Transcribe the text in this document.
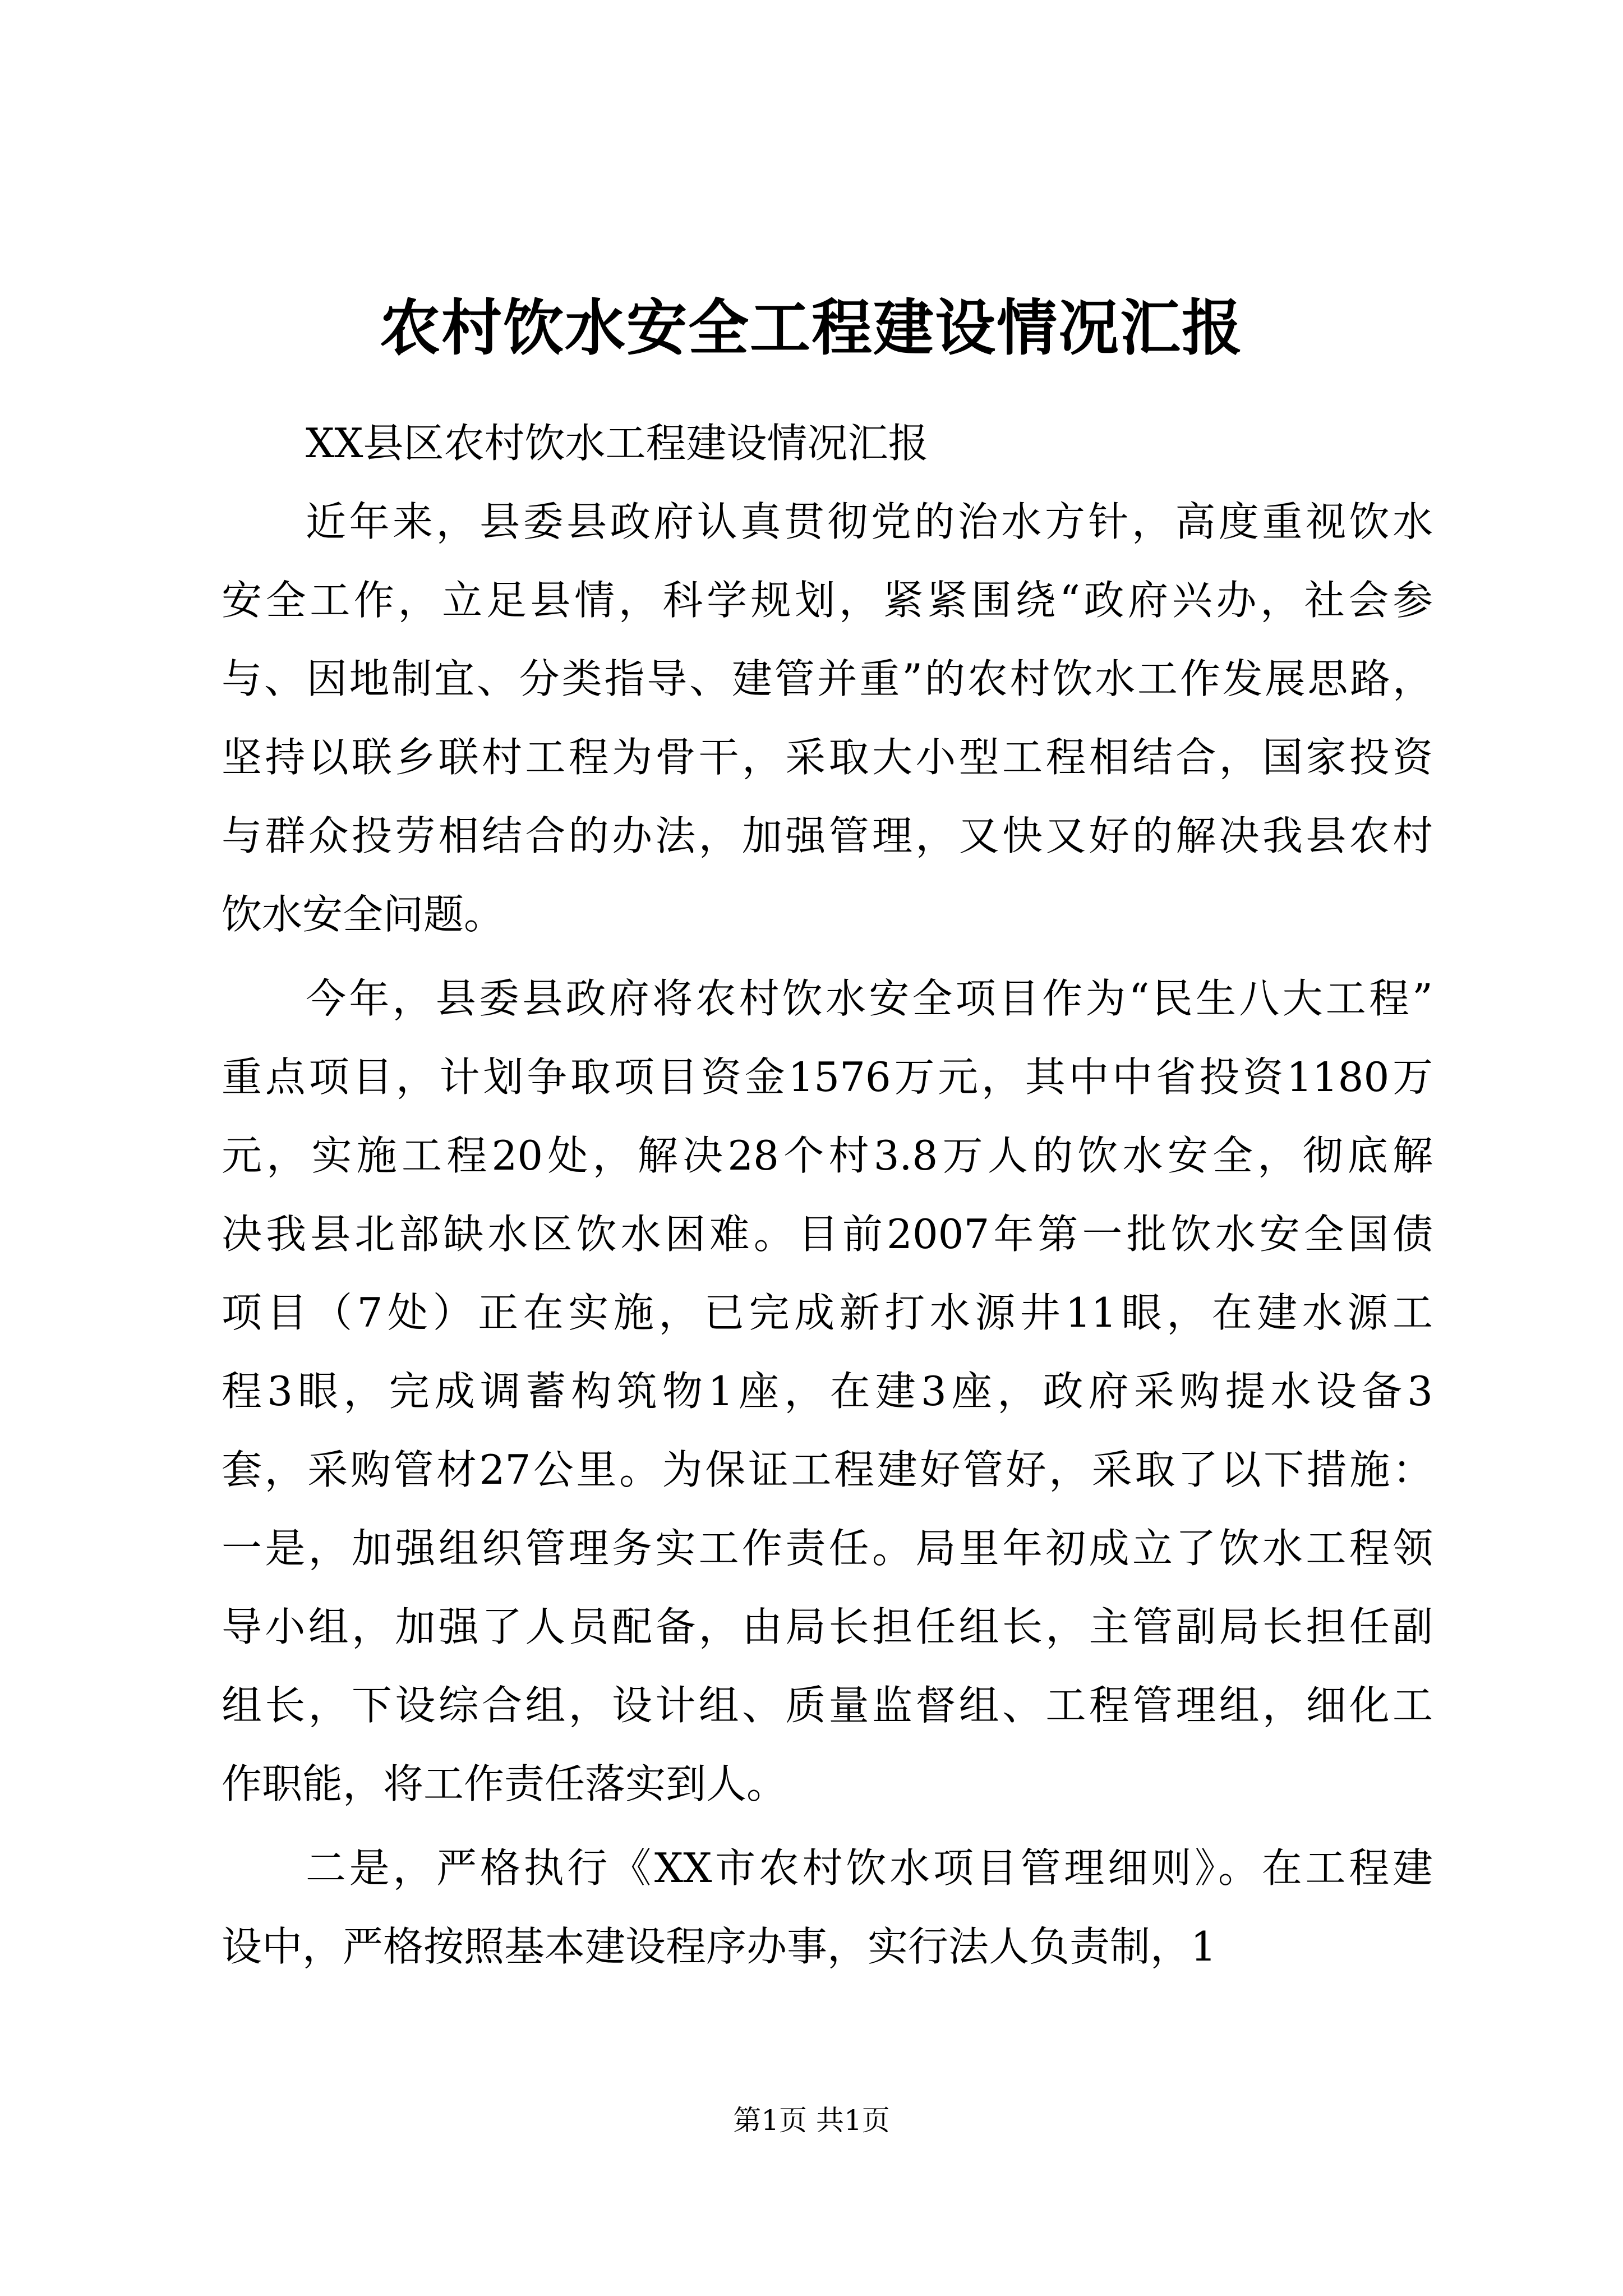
农村饮水安全工程建设情况汇报

XX县区农村饮水工程建设情况汇报

近年来，县委县政府认真贯彻党的治水方针，高度重视饮水

安全工作，立足县情，科学规划，紧紧围绕“政府兴办，社会参

与、因地制宜、分类指导、建管并重”的农村饮水工作发展思路，

坚持以联乡联村工程为骨干，采取大小型工程相结合，国家投资

与群众投劳相结合的办法，加强管理，又快又好的解决我县农村

饮水安全问题。

今年，县委县政府将农村饮水安全项目作为“民生八大工程”

重点项目，计划争取项目资金1576万元，其中中省投资1180万

元，实施工程20处，解决28个村3.8万人的饮水安全，彻底解

决我县北部缺水区饮水困难。目前2007年第一批饮水安全国债

项目（7处）正在实施，已完成新打水源井11眼，在建水源工

程3眼，完成调蓄构筑物1座，在建3座，政府采购提水设备3

套，采购管材27公里。为保证工程建好管好，采取了以下措施：

一是，加强组织管理务实工作责任。局里年初成立了饮水工程领

导小组，加强了人员配备，由局长担任组长，主管副局长担任副

组长，下设综合组，设计组、质量监督组、工程管理组，细化工

作职能，将工作责任落实到人。

二是，严格执行《XX市农村饮水项目管理细则》。在工程建

设中，严格按照基本建设程序办事，实行法人负责制，1

第1页 共1页
